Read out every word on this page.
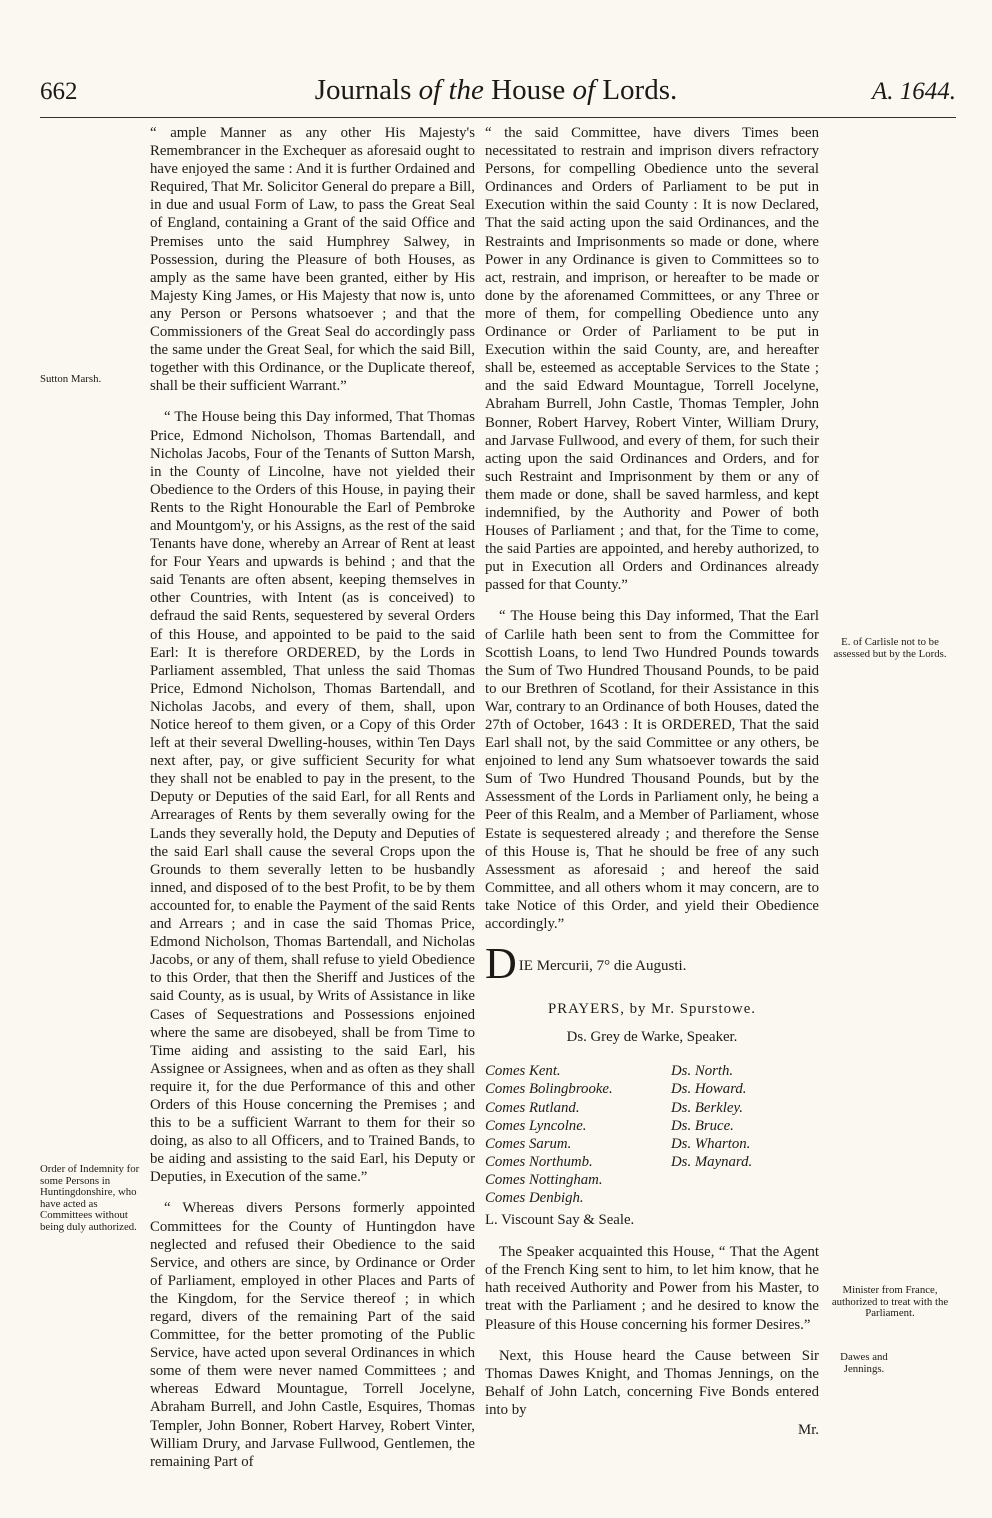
662	Journals of the House of Lords.	A. 1644.

“ ample Manner as any other His Majesty's Remembrancer in the Exchequer as aforesaid ought to have enjoyed the same : And it is further Ordained and Required, That Mr. Solicitor General do prepare a Bill, in due and usual Form of Law, to pass the Great Seal of England, containing a Grant of the said Office and Premises unto the said Humphrey Salwey, in Possession, during the Pleasure of both Houses, as amply as the same have been granted, either by His Majesty King James, or His Majesty that now is, unto any Person or Persons whatsoever ; and that the Commissioners of the Great Seal do accordingly pass the same under the Great Seal, for which the said Bill, together with this Ordinance, or the Duplicate thereof, shall be their sufficient Warrant.”

“ The House being this Day informed, That Thomas Price, Edmond Nicholson, Thomas Bartendall, and Nicholas Jacobs, Four of the Tenants of Sutton Marsh, in the County of Lincolne, have not yielded their Obedience to the Orders of this House, in paying their Rents to the Right Honourable the Earl of Pembroke and Mountgom'y, or his Assigns, as the rest of the said Tenants have done, whereby an Arrear of Rent at least for Four Years and upwards is behind ; and that the said Tenants are often absent, keeping themselves in other Countries, with Intent (as is conceived) to defraud the said Rents, sequestered by several Orders of this House, and appointed to be paid to the said Earl: It is therefore ORDERED, by the Lords in Parliament assembled, That unless the said Thomas Price, Edmond Nicholson, Thomas Bartendall, and Nicholas Jacobs, and every of them, shall, upon Notice hereof to them given, or a Copy of this Order left at their several Dwelling-houses, within Ten Days next after, pay, or give sufficient Security for what they shall not be enabled to pay in the present, to the Deputy or Deputies of the said Earl, for all Rents and Arrearages of Rents by them severally owing for the Lands they severally hold, the Deputy and Deputies of the said Earl shall cause the several Crops upon the Grounds to them severally letten to be husbandly inned, and disposed of to the best Profit, to be by them accounted for, to enable the Payment of the said Rents and Arrears ; and in case the said Thomas Price, Edmond Nicholson, Thomas Bartendall, and Nicholas Jacobs, or any of them, shall refuse to yield Obedience to this Order, that then the Sheriff and Justices of the said County, as is usual, by Writs of Assistance in like Cases of Sequestrations and Possessions enjoined where the same are disobeyed, shall be from Time to Time aiding and assisting to the said Earl, his Assignee or Assignees, when and as often as they shall require it, for the due Performance of this and other Orders of this House concerning the Premises ; and this to be a sufficient Warrant to them for their so doing, as also to all Officers, and to Trained Bands, to be aiding and assisting to the said Earl, his Deputy or Deputies, in Execution of the same.”

“ Whereas divers Persons formerly appointed Committees for the County of Huntingdon have neglected and refused their Obedience to the said Service, and others are since, by Ordinance or Order of Parliament, employed in other Places and Parts of the Kingdom, for the Service thereof ; in which regard, divers of the remaining Part of the said Committee, for the better promoting of the Public Service, have acted upon several Ordinances in which some of them were never named Committees ; and whereas Edward Mountague, Torrell Jocelyne, Abraham Burrell, and John Castle, Esquires, Thomas Templer, John Bonner, Robert Harvey, Robert Vinter, William Drury, and Jarvase Fullwood, Gentlemen, the remaining Part of

“ the said Committee, have divers Times been necessitated to restrain and imprison divers refractory Persons, for compelling Obedience unto the several Ordinances and Orders of Parliament to be put in Execution within the said County : It is now Declared, That the said acting upon the said Ordinances, and the Restraints and Imprisonments so made or done, where Power in any Ordinance is given to Committees so to act, restrain, and imprison, or hereafter to be made or done by the aforenamed Committees, or any Three or more of them, for compelling Obedience unto any Ordinance or Order of Parliament to be put in Execution within the said County, are, and hereafter shall be, esteemed as acceptable Services to the State ; and the said Edward Mountague, Torrell Jocelyne, Abraham Burrell, John Castle, Thomas Templer, John Bonner, Robert Harvey, Robert Vinter, William Drury, and Jarvase Fullwood, and every of them, for such their acting upon the said Ordinances and Orders, and for such Restraint and Imprisonment by them or any of them made or done, shall be saved harmless, and kept indemnified, by the Authority and Power of both Houses of Parliament ; and that, for the Time to come, the said Parties are appointed, and hereby authorized, to put in Execution all Orders and Ordinances already passed for that County.”

“ The House being this Day informed, That the Earl of Carlile hath been sent to from the Committee for Scottish Loans, to lend Two Hundred Pounds towards the Sum of Two Hundred Thousand Pounds, to be paid to our Brethren of Scotland, for their Assistance in this War, contrary to an Ordinance of both Houses, dated the 27th of October, 1643 : It is ORDERED, That the said Earl shall not, by the said Committee or any others, be enjoined to lend any Sum whatsoever towards the said Sum of Two Hundred Thousand Pounds, but by the Assessment of the Lords in Parliament only, he being a Peer of this Realm, and a Member of Parliament, whose Estate is sequestered already ; and therefore the Sense of this House is, That he should be free of any such Assessment as aforesaid ; and hereof the said Committee, and all others whom it may concern, are to take Notice of this Order, and yield their Obedience accordingly.”

D IE Mercurii, 7° die Augusti.
PRAYERS, by Mr. Spurstowe.
Ds. Grey de Warke, Speaker.
Comes Kent.
Comes Bolingbrooke.
Comes Rutland.
Comes Lyncolne.
Comes Sarum.
Comes Northumb.
Comes Nottingham.
Comes Denbigh.
Ds. North.
Ds. Howard.
Ds. Berkley.
Ds. Bruce.
Ds. Wharton.
Ds. Maynard.
L. Viscount Say & Seale.

The Speaker acquainted this House, “ That the Agent of the French King sent to him, to let him know, that he hath received Authority and Power from his Master, to treat with the Parliament ; and he desired to know the Pleasure of this House concerning his former Desires.”

Next, this House heard the Cause between Sir Thomas Dawes Knight, and Thomas Jennings, on the Behalf of John Latch, concerning Five Bonds entered into by

Mr.
Sutton Marsh.
Order of Indemnity for some Persons in Huntingdonshire, who have acted as Committees without being duly authorized.
E. of Carlisle not to be assessed but by the Lords.
Minister from France, authorized to treat with the Parliament.
Dawes and Jennings.
